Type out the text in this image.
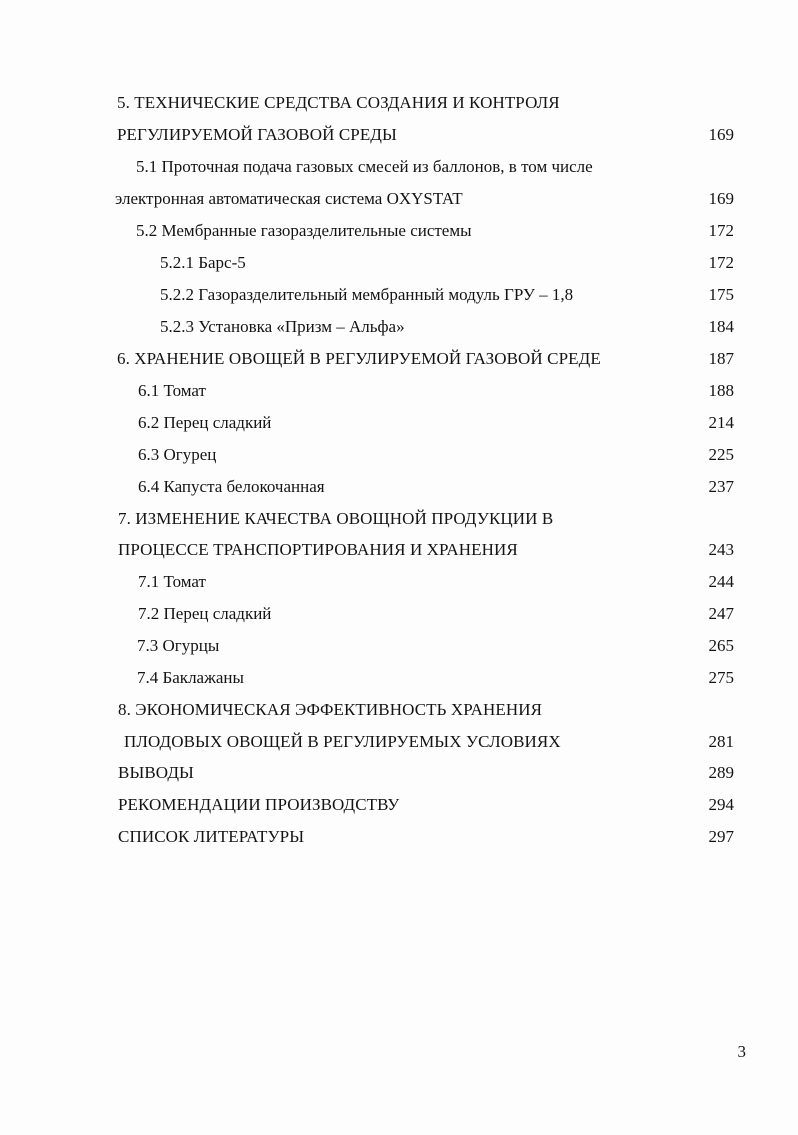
5. ТЕХНИЧЕСКИЕ СРЕДСТВА СОЗДАНИЯ И КОНТРОЛЯ
РЕГУЛИРУЕМОЙ ГАЗОВОЙ СРЕДЫ	169
5.1 Проточная подача газовых смесей из баллонов, в том числе
электронная автоматическая система OXYSTAT	169
5.2 Мембранные газоразделительные системы	172
5.2.1 Барс-5	172
5.2.2 Газоразделительный мембранный модуль ГРУ – 1,8	175
5.2.3 Установка «Призм – Альфа»	184
6. ХРАНЕНИЕ ОВОЩЕЙ В РЕГУЛИРУЕМОЙ ГАЗОВОЙ СРЕДЕ	187
6.1 Томат	188
6.2 Перец сладкий	214
6.3 Огурец	225
6.4 Капуста белокочанная	237
7. ИЗМЕНЕНИЕ КАЧЕСТВА ОВОЩНОЙ ПРОДУКЦИИ В
ПРОЦЕССЕ ТРАНСПОРТИРОВАНИЯ И ХРАНЕНИЯ	243
7.1 Томат	244
7.2 Перец сладкий	247
7.3 Огурцы	265
7.4 Баклажаны	275
8. ЭКОНОМИЧЕСКАЯ ЭФФЕКТИВНОСТЬ ХРАНЕНИЯ
ПЛОДОВЫХ ОВОЩЕЙ В РЕГУЛИРУЕМЫХ УСЛОВИЯХ	281
ВЫВОДЫ	289
РЕКОМЕНДАЦИИ ПРОИЗВОДСТВУ	294
СПИСОК ЛИТЕРАТУРЫ	297
3
